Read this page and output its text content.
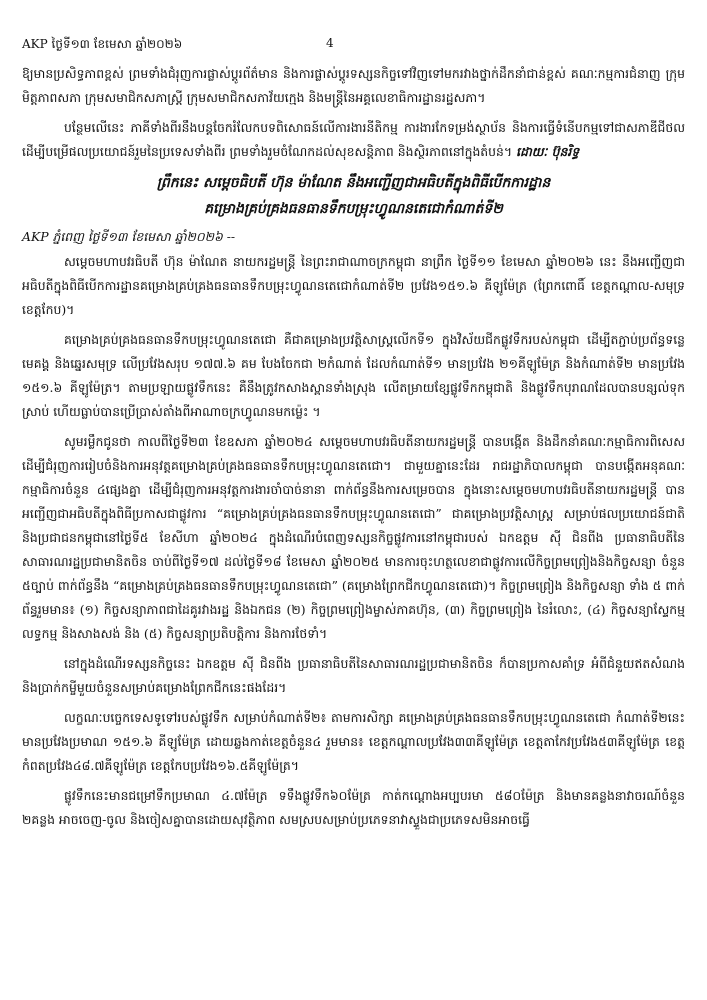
AKP ថ្ងៃទី១៣ ខែមេសា ឆ្នាំ២០២៦	4

ឱ្យមានប្រសិទ្ធភាពខ្ពស់ ព្រមទាំងជំរុញការផ្លាស់ប្តូរព័ត៌មាន និងការផ្លាស់ប្តូរទស្សនកិច្ចទៅវិញទៅមករវាងថ្នាក់ដឹកនាំជាន់ខ្ពស់ គណៈកម្មការជំនាញ ក្រុមមិត្តភាពសភា ក្រុមសមាជិកសភាស្ត្រី ក្រុមសមាជិកសភាវ័យក្មេង និងមន្ត្រីនៃអគ្គលេខាធិការដ្ឋានរដ្ឋសភា។

បន្ថែមលើនេះ ភាគីទាំងពីរនឹងបន្តចែករំលែកបទពិសោធន៍លើការងារនីតិកម្ម ការងារកែទម្រង់ស្ថាប័ន និងការធ្វើទំនើបកម្មទៅជាសភាឌីជីថល ដើម្បីបម្រើផលប្រយោជន៍រួមនៃប្រទេសទាំងពីរ ព្រមទាំងរួមចំណែកដល់សុខសន្តិភាព និងស្ថិរភាពនៅក្នុងតំបន់។ ដោយៈ ប៊ុនរិទ្ធ

ព្រឹកនេះ សម្តេចធិបតី ហ៊ុន ម៉ាណែត នឹងអញ្ជើញជាអធិបតីក្នុងពិធីបើកការដ្ឋាន
គម្រោងគ្រប់គ្រងធនធានទឹកបម្រុះហ្វូណនតេជោកំណាត់ទី២
AKP ភ្នំពេញ ថ្ងៃទី១៣ ខែមេសា ឆ្នាំ២០២៦ --

សម្តេចមហាបវរធិបតី ហ៊ុន ម៉ាណែត នាយករដ្ឋមន្ត្រី នៃព្រះរាជាណាចក្រកម្ពុជា នាព្រឹក ថ្ងៃទី១១ ខែមេសា ឆ្នាំ២០២៦ នេះ នឹងអញ្ជើញជាអធិបតីក្នុងពិធីបើកការដ្ឋានគម្រោងគ្រប់គ្រងធនធានទឹកបម្រុះហ្វូណនតេជោកំណាត់ទី២ ប្រវែង១៥១.៦ គីឡូម៉ែត្រ (ព្រែកពោធិ៍ ខេត្តកណ្តាល-សមុទ្រ ខេត្តកែប)។

គម្រោងគ្រប់គ្រងធនធានទឹកបម្រុះហ្វូណនតេជោ គឺជាគម្រោងប្រវត្តិសាស្ត្រលើកទី១ ក្នុងវិស័យជីកផ្លូវទឹករបស់កម្ពុជា ដើម្បីតភ្ជាប់ប្រព័ន្ធទន្លេមេគង្គ និងឆ្នេរសមុទ្រ លើប្រវែងសរុប ១៧៧.៦ គម បែងចែកជា ២កំណាត់ ដែលកំណាត់ទី១ មានប្រវែង ២១គីឡូម៉ែត្រ និងកំណាត់ទី២ មានប្រវែង ១៥១.៦ គីឡូម៉ែត្រ។ តាមប្រឡាយផ្លូវទឹកនេះ គឺនឹងត្រូវកសាងស្ពានទាំងស្រុង លើតម្រាយខ្សែផ្លូវទឹកកម្ពុជាតិ និងផ្លូវទឹកបុរាណដែលបានបន្សល់ទុកស្រាប់ ហើយធ្លាប់បានប្រើប្រាស់តាំងពីអាណាចក្រហ្វូណនមកម្ល៉េះ ។

សូមរម្លឹកជូនថា កាលពីថ្ងៃទី២៣ ខែឧសភា ឆ្នាំ២០២៤ សម្តេចមហាបវរធិបតីនាយករដ្ឋមន្ត្រី បានបង្កើត និងដឹកនាំគណៈកម្មាធិការពិសេសដើម្បីជំរុញការរៀបចំនិងការអនុវត្តគម្រោងគ្រប់គ្រងធនធានទឹកបម្រុះហ្វូណនតេជោ។ ជាមួយគ្នានេះដែរ រាជរដ្ឋាភិបាលកម្ពុជា បានបង្កើតអនុគណៈកម្មាធិការចំនួន ៤ផ្សេងគ្នា ដើម្បីជំរុញការអនុវត្តការងារចាំបាច់នានា ពាក់ព័ន្ធនឹងការសម្រេចបាន ក្នុងនោះសម្តេចមហាបវរធិបតីនាយករដ្ឋមន្ត្រី បានអញ្ជើញជាអធិបតីក្នុងពិធីប្រកាសជាផ្លូវការ “គម្រោងគ្រប់គ្រងធនធានទឹកបម្រុះហ្វូណនតេជោ” ជាគម្រោងប្រវត្តិសាស្ត្រ សម្រាប់ផលប្រយោជន៍ជាតិ និងប្រជាជនកម្ពុជានៅថ្ងៃទី៥ ខែសីហា ឆ្នាំ២០២៤ ក្នុងដំណើរបំពេញទស្សនកិច្ចផ្លូវការនៅកម្ពុជារបស់ ឯកឧត្តម ស៊ី ជិនពីង ប្រធានាធិបតីនៃសាធារណរដ្ឋប្រជាមានិតចិន ចាប់ពីថ្ងៃទី១៧ ដល់ថ្ងៃទី១៨ ខែមេសា ឆ្នាំ២០២៥ មានការចុះហត្ថលេខាជាផ្លូវការលើកិច្ចព្រមព្រៀងនិងកិច្ចសន្យា ចំនួន ៥ច្បាប់ ពាក់ព័ន្ធនឹង “គម្រោងគ្រប់គ្រងធនធានទឹកបម្រុះហ្វូណនតេជោ” (គម្រោងព្រែកជីកហ្វូណនតេជោ)។ កិច្ចព្រមព្រៀង និងកិច្ចសន្យា ទាំង ៥ ពាក់ព័ន្ធរួមមាន៖ (១) កិច្ចសន្យាភាពជាដៃគូរវាងរដ្ឋ និងឯកជន (២) កិច្ចព្រមព្រៀងម្ចាស់ភាគហ៊ុន, (៣) កិច្ចព្រមព្រៀង នៃរំលោះ, (៤) កិច្ចសន្យាស្ទែកម្ម លទ្ធកម្ម និងសាងសង់ និង (៥) កិច្ចសន្យាប្រតិបត្តិការ និងការថែទាំ។

នៅក្នុងដំណើរទស្សនកិច្ចនេះ ឯកឧត្តម ស៊ី ជិនពីង ប្រធានាធិបតីនៃសាធារណរដ្ឋប្រជាមានិតចិន ក៏បានប្រកាសគាំទ្រ អំពីជំនួយឥតសំណង និងប្រាក់កម្ចីមួយចំនួនសម្រាប់គម្រោងព្រែកជីកនេះផងដែរ។

លក្ខណៈបច្ចេកទេសទូទៅរបស់ផ្លូវទឹក សម្រាប់កំណាត់ទី២៖ តាមការសិក្សា គម្រោងគ្រប់គ្រងធនធានទឹកបម្រុះហ្វូណនតេជោ កំណាត់ទី២នេះ មានប្រវែងប្រមាណ ១៥១.៦ គីឡូម៉ែត្រ ដោយឆ្លងកាត់ខេត្តចំនួន៤ រួមមាន៖ ខេត្តកណ្តាលប្រវែង៣៣គីឡូម៉ែត្រ ខេត្តតាកែវប្រវែង៥៣គីឡូម៉ែត្រ ខេត្តកំពតប្រវែង៤៨.៧គីឡូម៉ែត្រ ខេត្តកែបប្រវែង១៦.៥គីឡូម៉ែត្រ។

ផ្លូវទឹកនេះមានជម្រៅទឹកប្រមាណ ៤.៧ម៉ែត្រ ទទឹងផ្លូវទឹក៦០ម៉ែត្រ កាត់កណ្តោងអប្បបរមា ៥៨០ម៉ែត្រ និងមានគន្លងនាវាចរណ៍ចំនួន ២គន្លង អាចចេញ-ចូល និងចៀសគ្នាបានដោយសុវត្ថិភាព សមស្របសម្រាប់ប្រភេទនាវាស្ទួងជាប្រភេទសមិនអាចធ្វើ
